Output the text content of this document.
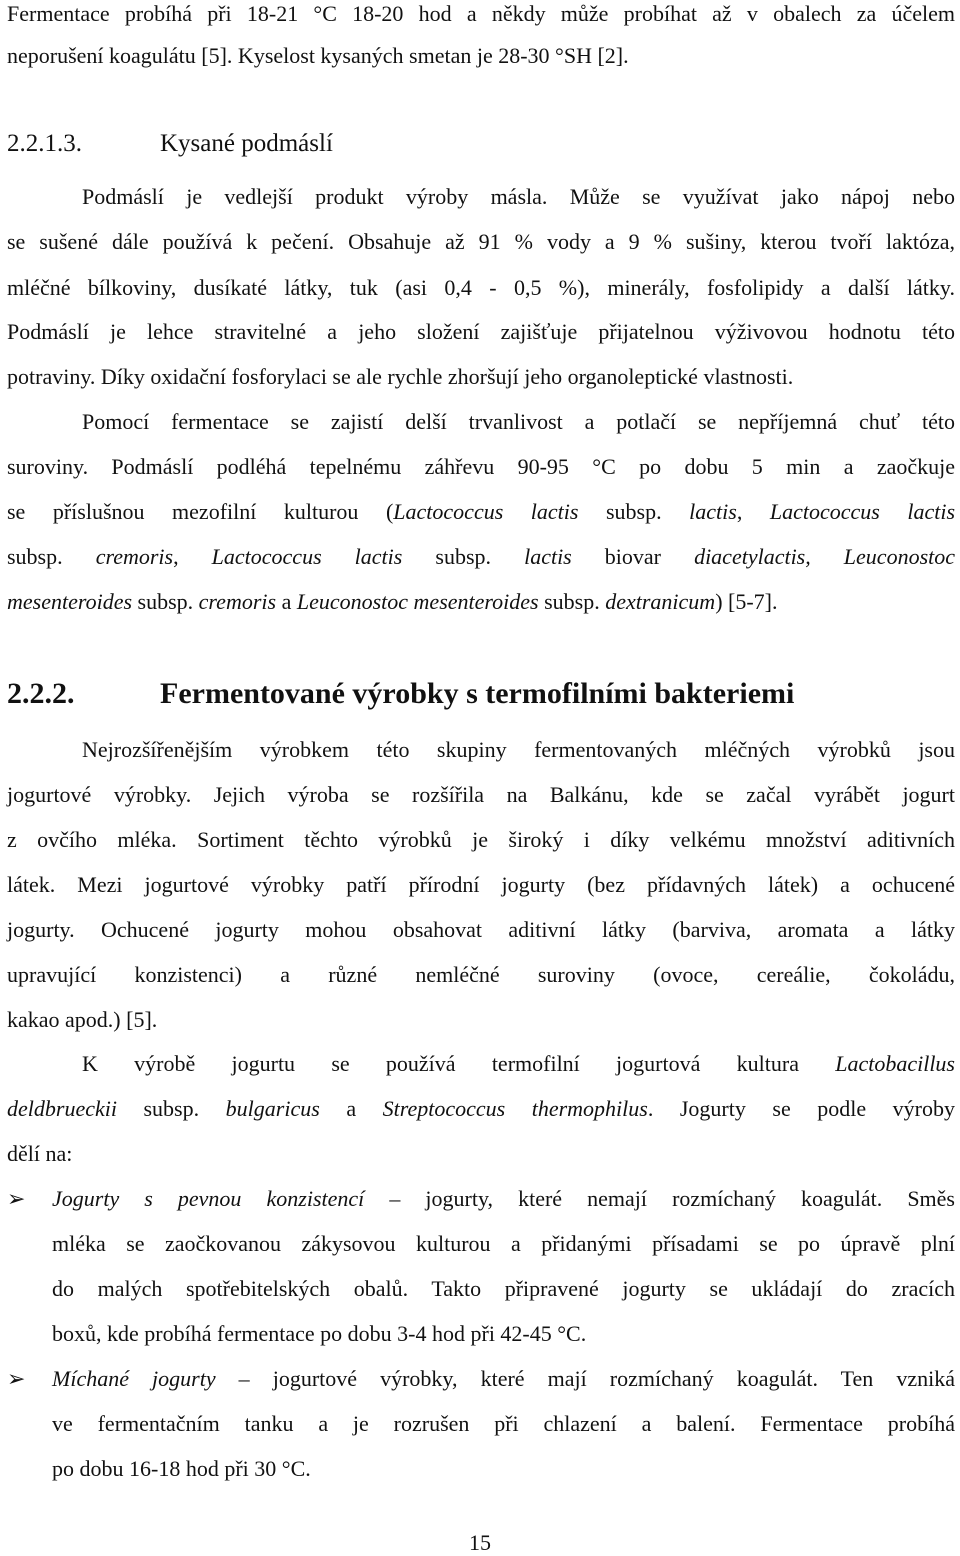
Fermentace probíhá při 18-21 °C 18-20 hod a někdy může probíhat až v obalech za účelem
neporušení koagulátu [5]. Kyselost kysaných smetan je 28-30 °SH [2].
2.2.1.3.	Kysané podmáslí
Podmáslí je vedlejší produkt výroby másla. Může se využívat jako nápoj nebo
se sušené dále používá k pečení. Obsahuje až 91 % vody a 9 % sušiny, kterou tvoří laktóza,
mléčné bílkoviny, dusíkaté látky, tuk (asi 0,4 - 0,5 %), minerály, fosfolipidy a další látky.
Podmáslí je lehce stravitelné a jeho složení zajišťuje přijatelnou výživovou hodnotu této
potraviny. Díky oxidační fosforylaci se ale rychle zhoršují jeho organoleptické vlastnosti.
Pomocí fermentace se zajistí delší trvanlivost a potlačí se nepříjemná chuť této
suroviny. Podmáslí podléhá tepelnému záhřevu 90-95 °C po dobu 5 min a zaočkuje
se příslušnou mezofilní kulturou (Lactococcus lactis subsp. lactis, Lactococcus lactis
subsp. cremoris, Lactococcus lactis subsp. lactis biovar diacetylactis, Leuconostoc
mesenteroides subsp. cremoris a Leuconostoc mesenteroides subsp. dextranicum) [5-7].
2.2.2.	Fermentované výrobky s termofilními bakteriemi
Nejrozšířenějším výrobkem této skupiny fermentovaných mléčných výrobků jsou
jogurtové výrobky. Jejich výroba se rozšířila na Balkánu, kde se začal vyrábět jogurt
z ovčího mléka. Sortiment těchto výrobků je široký i díky velkému množství aditivních
látek. Mezi jogurtové výrobky patří přírodní jogurty (bez přídavných látek) a ochucené
jogurty. Ochucené jogurty mohou obsahovat aditivní látky (barviva, aromata a látky
upravující konzistenci) a různé nemléčné suroviny (ovoce, cereálie, čokoládu,
kakao apod.) [5].
K výrobě jogurtu se používá termofilní jogurtová kultura Lactobacillus
deldbrueckii subsp. bulgaricus a Streptococcus thermophilus. Jogurty se podle výroby
dělí na:
➢ Jogurty s pevnou konzistencí – jogurty, které nemají rozmíchaný koagulát. Směs
mléka se zaočkovanou zákysovou kulturou a přidanými přísadami se po úpravě plní
do malých spotřebitelských obalů. Takto připravené jogurty se ukládají do zracích
boxů, kde probíhá fermentace po dobu 3-4 hod při 42-45 °C.
➢ Míchané jogurty – jogurtové výrobky, které mají rozmíchaný koagulát. Ten vzniká
ve fermentačním tanku a je rozrušen při chlazení a balení. Fermentace probíhá
po dobu 16-18 hod při 30 °C.
15
